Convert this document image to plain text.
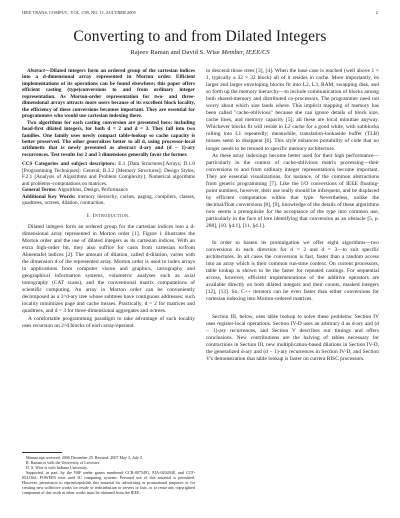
IEEE TRANS. COMPUT., VOL. C99, NO. 11, ZULYBER 2005	2
Converting to and from Dilated Integers
Rajeev Raman and David S. Wise Member, IEEE/CS

Abstract—Dilated integers form an ordered group of the cartesian indices into a d-dimensional array represented in Morton order. Efficient implementations of its operations can be found elsewhere; this paper offers efficient casting (type)conversions to and from ordinary integer representation. As Morton-order representation for two- and three-dimensional arrays attracts more users because of its excellent block locality, the efficiency of these conversions becomes important. They are essential for programmers who would use cartesian indexing there.

Two algorithms for each casting conversion are presented here: including head-first dilated integers, for both d = 2 and d = 3. They fall into two families. One family uses newly compact table-lookup so cache capacity is better preserved. The other generalizes better to all d, using processor-local arithmetic that is newly presented as abstract d-ary and (d − 1)-ary recurrences. Test results for 2 and 3 dimensions generally favor the former.

CCS Categories and subject descriptors: E.1 [Data Structures]:Arrays; D.1.0 [Programming Techniques]: General; B.3.2 [Memory Structures]: Design Styles; F.2.1 [Analysis of Algorithms and Problem Complexity]: Numerical algorithms and problems–computations on matrices.

General Terms: Algorithms, Design, Performance

Additional Key Words: memory hierarchy, caches, paging, compilers, classes, quadtrees, octrees, dilation, contraction.

I. Introduction.

Dilated integers form an ordered group for the cartesian indices into a d-dimensional array represented in Morton order [1]. Figure 1 illustrates the Morton order and the use of dilated integers as its cartesian indices. With an extra high-order bit, they also suffice for casts from cartesian to/from Ahnentafel indices [2]. The amount of dilation, called d-dilation, varies with the dimension d of the represented array. Morton order is used to index arrays in applications from computer vision and graphics, cartography and geographical information systems, volumetric analyses such as axial tomography (CAT scans), and the conventional matrix computations of scientific computing. An array in Morton order can be conveniently decomposed as a 2^d-ary tree whose subtrees have contiguous addresses; such locality minimizes page and cache misses. Practically, d = 2 for matrices and quadtrees, and d = 3 for three-dimensional aggregates and octrees.

A comfortable programming paradigm to take advantage of such locality uses recursion on 2^d blocks of each array/operand

Manuscript received: 2006 December 25. Revised: 2007 May 3, July 2.

R. Raman is with the University of Leicester.

D. S. Wise is with Indiana University.

Supported, in part, by the NSF under grants numbered CCR-0073491, EIA-0202048, and CCF-0541364. POWER5 tests used IU computing systems. Personal use of this material is permitted. However, permission to reprint/republish this material for advertising or promotional purposes or for creating new collective works for resale or redistribution to servers or lists, or to reuse any copyrighted component of this work in other works must be obtained from the IEEE.

to descend those trees [3], [4]. When the base case is reached (well above 1 × 1, typically a 32 × 32 block) all of it resides in cache. More importantly, its larger and larger enveloping blocks fit into L2, L3, RAM, swapping disk, and so forth up the memory hierarchy—to include communication of blocks among both shared-memory and distributed co-processors. The programmer need not worry about which size lands where. This implicit mapping of memory has been called "cache-oblivious" because she can ignore details of block size, cache lines, and memory capacity [5]; all these are local minutiae anyway. Whichever blocks fit will reside in L2 cache for a good while, with subblocks rolling into L1 repeatedly; meanwhile, translation-lookaside buffer (TLB) misses seem to disappear [6]. This style enhances portability of code that no longer needs to be retuned to specific memory architecture.

As these array indexings become better used for their high performance—particularly in the context of cache-oblivious matrix processing—their conversions to and from ordinary integer representations become important. They are essential visualizations, for instance, of the common abstractions from generic programming [7]. Like the I/O conversions of IEEE floating-point numbers, however, their use really should be infrequent, and be displaced by efficient computation within that type. Nevertheless, unlike the decimal/float conversions [8], [9], knowledge of the details of these algorithms now seems a prerequisite for the acceptance of the type into common use, particularly in the face of lore identifying that conversion as an obstacle [5, p. 288], [10, §4.1], [11, §4.1].

In order to hasten its promulgation we offer eight algorithms—two conversions in each direction for d = 2 and d = 3—to suit specific architectures. In all cases the conversion is fast, faster than a random access into an array which is their common run-time context. On current processors, table lookup is shown to be the faster for repeated castings. For sequential access, however, efficient implementations of the additive operators are available directly on both dilated integers and their counts, masked integers [12], [13]. So, C++ iterators can be even faster than either conversions for cartesian indexing into Morton-ordered matrices.

Section III, below, uses table lookup to solve these problems: Section IV uses register-local operations. Section IV-D uses an arbitrary d as d-ary and (d − 1)-ary recurrences, and Section V describes our timings and offers conclusions. New contributions are the halving of tables necessary for contractions in Section III, new multiplication-based dilations in Section IV-D, the generalized d-ary and (d − 1)-ary recurrences in Section IV-D, and Section V's demonstration that table lookup is faster on current RISC processors.
